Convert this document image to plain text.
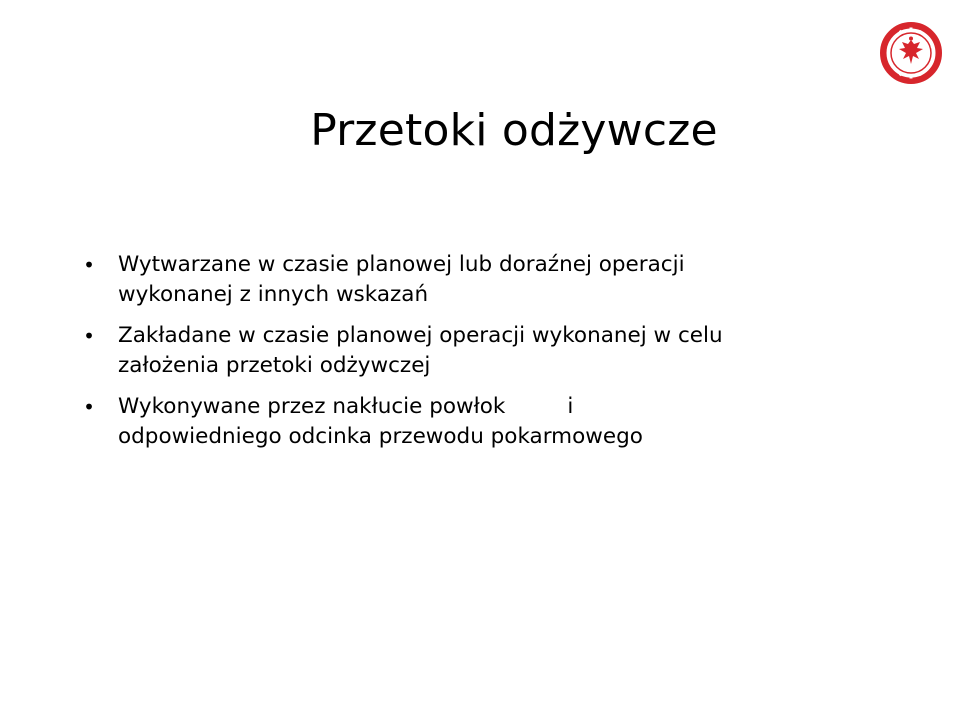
Przetoki odżywcze
• Wytwarzane w czasie planowej lub doraźnej operacji
wykonanej z innych wskazań
• Zakładane w czasie planowej operacji wykonanej w celu
założenia przetoki odżywczej
• Wykonywane przez nakłucie powłok	i
odpowiedniego odcinka przewodu pokarmowego
